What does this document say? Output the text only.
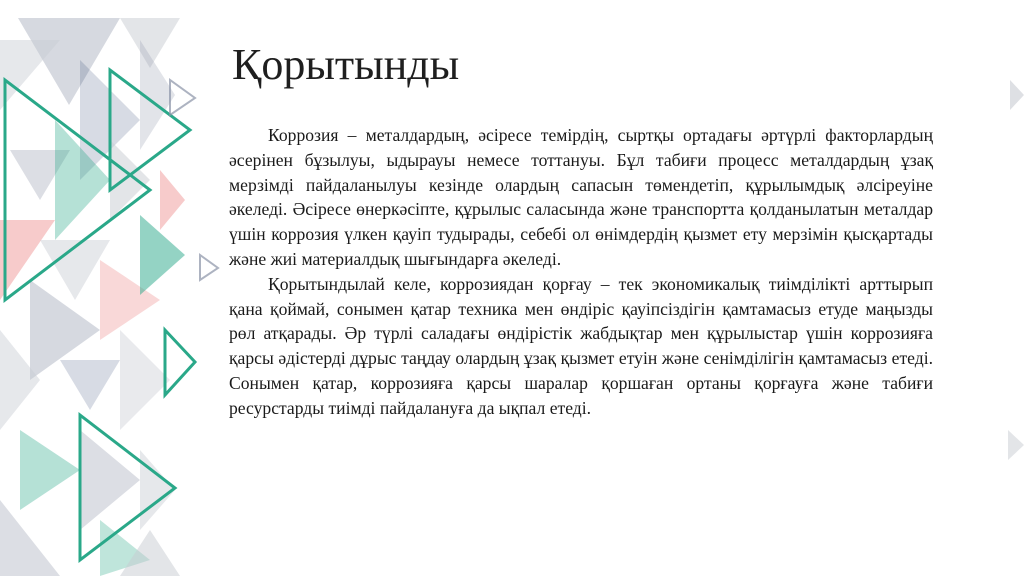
Қорытынды

Коррозия – металдардың, әсіресе темірдің, сыртқы ортадағы әртүрлі факторлардың әсерінен бұзылуы, ыдырауы немесе тоттануы. Бұл табиғи процесс металдардың ұзақ мерзімді пайдаланылуы кезінде олардың сапасын төмендетіп, құрылымдық әлсіреуіне әкеледі. Әсіресе өнеркәсіпте, құрылыс саласында және транспортта қолданылатын металдар үшін коррозия үлкен қауіп тудырады, себебі ол өнімдердің қызмет ету мерзімін қысқартады және жиі материалдық шығындарға әкеледі.

Қорытындылай келе, коррозиядан қорғау – тек экономикалық тиімділікті арттырып қана қоймай, сонымен қатар техника мен өндіріс қауіпсіздігін қамтамасыз етуде маңызды рөл атқарады. Әр түрлі саладағы өндірістік жабдықтар мен құрылыстар үшін коррозияға қарсы әдістерді дұрыс таңдау олардың ұзақ қызмет етуін және сенімділігін қамтамасыз етеді. Сонымен қатар, коррозияға қарсы шаралар қоршаған ортаны қорғауға және табиғи ресурстарды тиімді пайдалануға да ықпал етеді.
